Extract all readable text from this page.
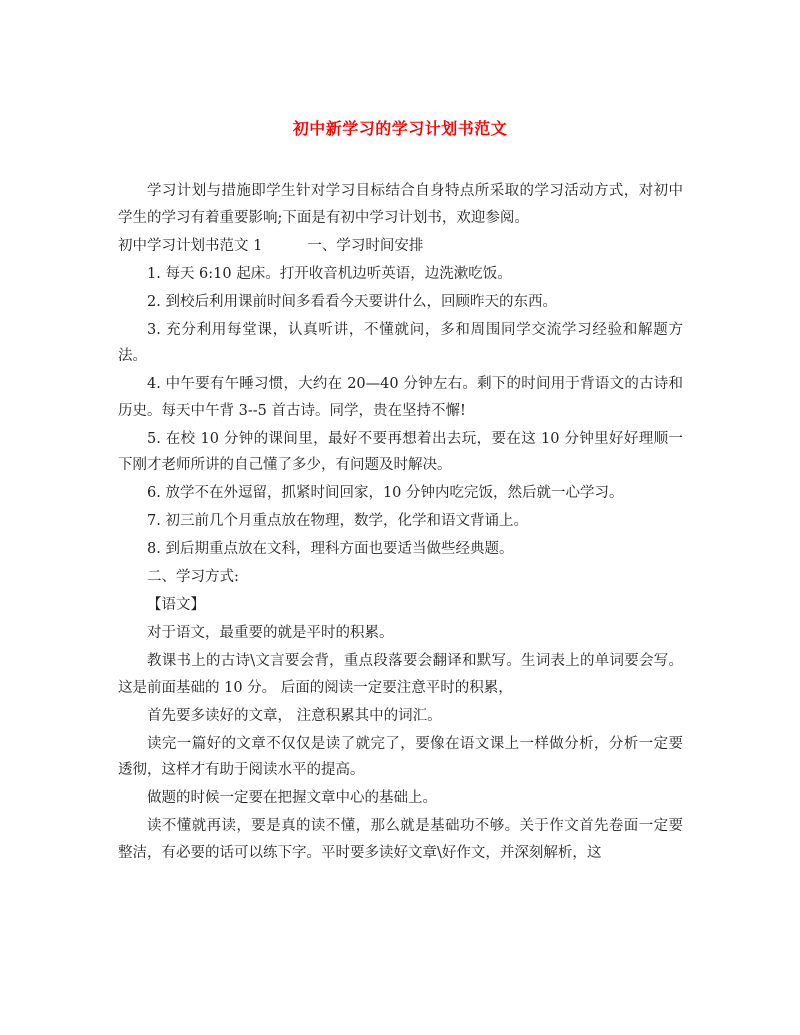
初中新学习的学习计划书范文

学习计划与措施即学生针对学习目标结合自身特点所采取的学习活动方式，对初中学生的学习有着重要影响;下面是有初中学习计划书，欢迎参阅。

初中学习计划书范文 1	一、学习时间安排

1. 每天 6:10 起床。打开收音机边听英语，边洗漱吃饭。

2. 到校后利用课前时间多看看今天要讲什么，回顾昨天的东西。

3. 充分利用每堂课，认真听讲，不懂就问，多和周围同学交流学习经验和解题方法。

4. 中午要有午睡习惯，大约在 20—40 分钟左右。剩下的时间用于背语文的古诗和历史。每天中午背 3--5 首古诗。同学，贵在坚持不懈!

5. 在校 10 分钟的课间里，最好不要再想着出去玩，要在这 10 分钟里好好理顺一下刚才老师所讲的自己懂了多少，有问题及时解决。

6. 放学不在外逗留，抓紧时间回家，10 分钟内吃完饭，然后就一心学习。

7. 初三前几个月重点放在物理，数学，化学和语文背诵上。

8. 到后期重点放在文科，理科方面也要适当做些经典题。

二、学习方式:

【语文】

对于语文，最重要的就是平时的积累。

教课书上的古诗\文言要会背，重点段落要会翻译和默写。生词表上的单词要会写。 这是前面基础的 10 分。 后面的阅读一定要注意平时的积累，

首先要多读好的文章， 注意积累其中的词汇。

读完一篇好的文章不仅仅是读了就完了，要像在语文课上一样做分析，分析一定要透彻，这样才有助于阅读水平的提高。

做题的时候一定要在把握文章中心的基础上。

读不懂就再读，要是真的读不懂，那么就是基础功不够。关于作文首先卷面一定要整洁，有必要的话可以练下字。平时要多读好文章\好作文，并深刻解析，这
